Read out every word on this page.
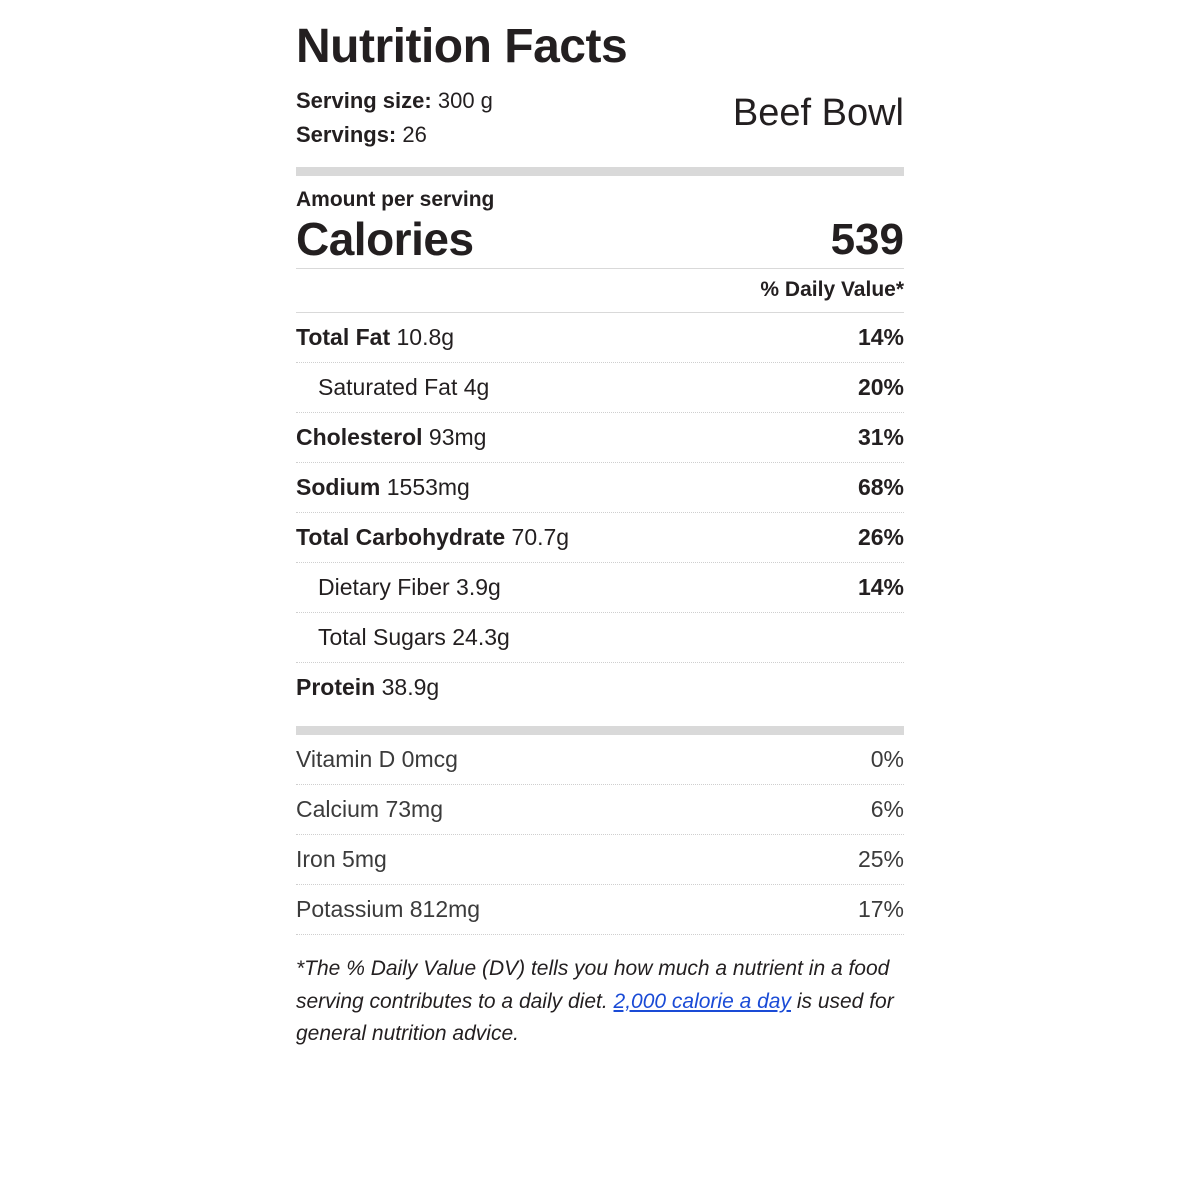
Nutrition Facts
Serving size: 300 g
Servings: 26
Beef Bowl
Amount per serving
Calories	539
% Daily Value*
Total Fat 10.8g	14%
Saturated Fat 4g	20%
Cholesterol 93mg	31%
Sodium 1553mg	68%
Total Carbohydrate 70.7g	26%
Dietary Fiber 3.9g	14%
Total Sugars 24.3g
Protein 38.9g
Vitamin D 0mcg	0%
Calcium 73mg	6%
Iron 5mg	25%
Potassium 812mg	17%
*The % Daily Value (DV) tells you how much a nutrient in a food serving contributes to a daily diet. 2,000 calorie a day is used for general nutrition advice.
